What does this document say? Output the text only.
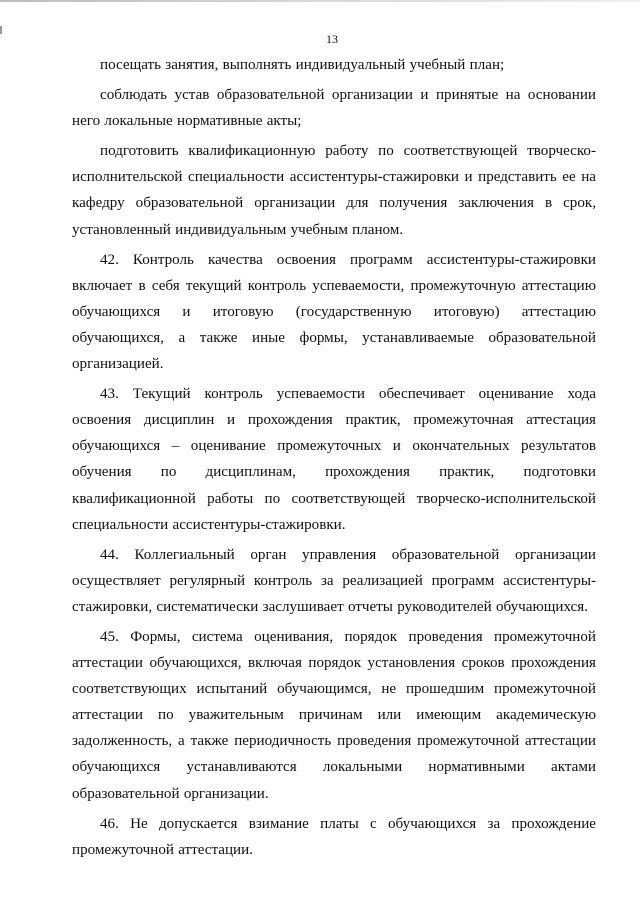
13

посещать занятия, выполнять индивидуальный учебный план;

соблюдать устав образовательной организации и принятые на основании него локальные нормативные акты;

подготовить квалификационную работу по соответствующей творческо-исполнительской специальности ассистентуры-стажировки и представить ее на кафедру образовательной организации для получения заключения в срок, установленный индивидуальным учебным планом.

42. Контроль качества освоения программ ассистентуры-стажировки включает в себя текущий контроль успеваемости, промежуточную аттестацию обучающихся и итоговую (государственную итоговую) аттестацию обучающихся, а также иные формы, устанавливаемые образовательной организацией.

43. Текущий контроль успеваемости обеспечивает оценивание хода освоения дисциплин и прохождения практик, промежуточная аттестация обучающихся – оценивание промежуточных и окончательных результатов обучения по дисциплинам, прохождения практик, подготовки квалификационной работы по соответствующей творческо-исполнительской специальности ассистентуры-стажировки.

44. Коллегиальный орган управления образовательной организации осуществляет регулярный контроль за реализацией программ ассистентуры-стажировки, систематически заслушивает отчеты руководителей обучающихся.

45. Формы, система оценивания, порядок проведения промежуточной аттестации обучающихся, включая порядок установления сроков прохождения соответствующих испытаний обучающимся, не прошедшим промежуточной аттестации по уважительным причинам или имеющим академическую задолженность, а также периодичность проведения промежуточной аттестации обучающихся устанавливаются локальными нормативными актами образовательной организации.

46. Не допускается взимание платы с обучающихся за прохождение промежуточной аттестации.
